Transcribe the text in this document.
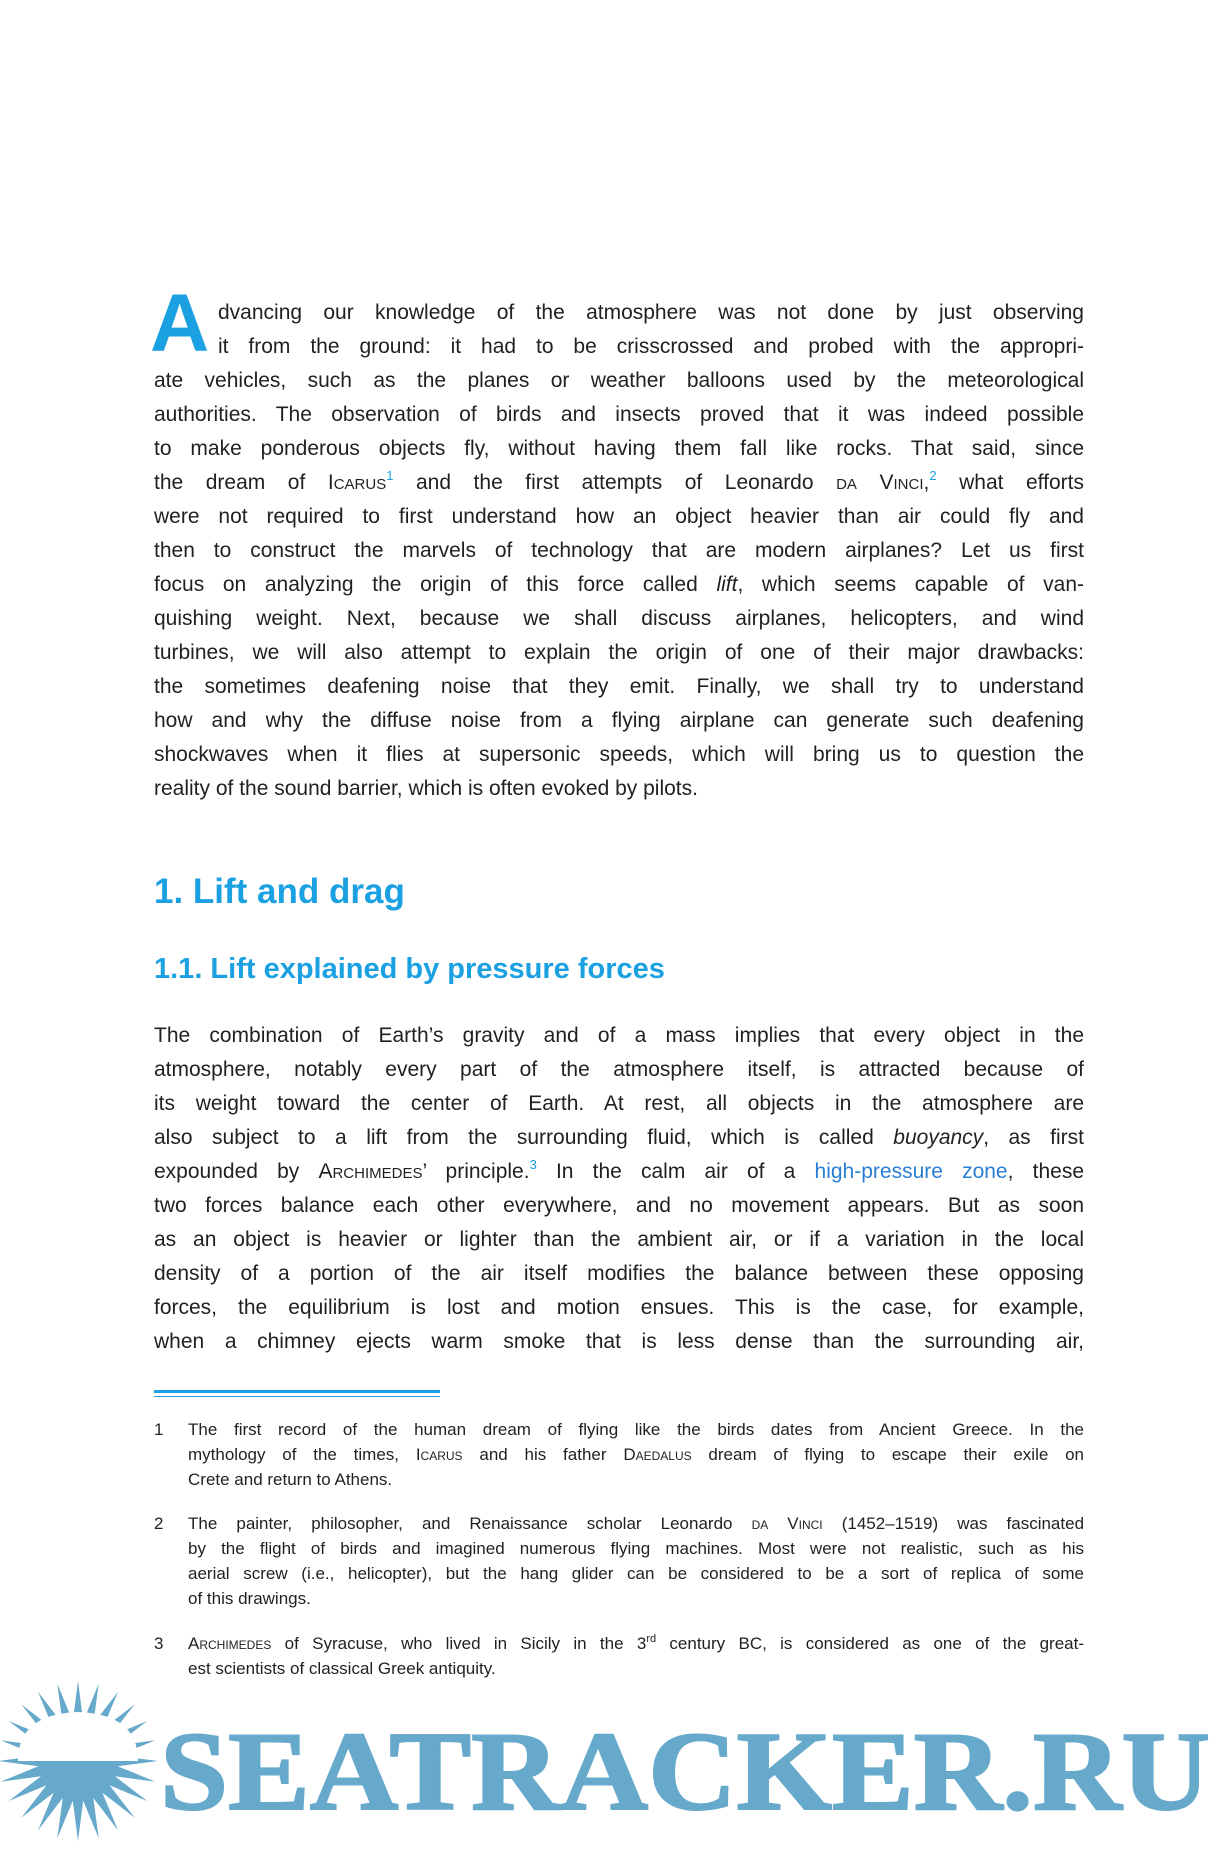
A dvancing our knowledge of the atmosphere was not done by just observing
it from the ground: it had to be crisscrossed and probed with the appropri-
ate vehicles, such as the planes or weather balloons used by the meteorological
authorities. The observation of birds and insects proved that it was indeed possible
to make ponderous objects fly, without having them fall like rocks. That said, since
the dream of Icarus$^1$ and the first attempts of Leonardo da Vinci,$^2$ what efforts
were not required to first understand how an object heavier than air could fly and
then to construct the marvels of technology that are modern airplanes? Let us first
focus on analyzing the origin of this force called lift, which seems capable of van-
quishing weight. Next, because we shall discuss airplanes, helicopters, and wind
turbines, we will also attempt to explain the origin of one of their major drawbacks:
the sometimes deafening noise that they emit. Finally, we shall try to understand
how and why the diffuse noise from a flying airplane can generate such deafening
shockwaves when it flies at supersonic speeds, which will bring us to question the
reality of the sound barrier, which is often evoked by pilots.
1. Lift and drag
1.1. Lift explained by pressure forces
The combination of Earth’s gravity and of a mass implies that every object in the
atmosphere, notably every part of the atmosphere itself, is attracted because of
its weight toward the center of Earth. At rest, all objects in the atmosphere are
also subject to a lift from the surrounding fluid, which is called buoyancy, as first
expounded by Archimedes’ principle.$^3$ In the calm air of a high-pressure zone, these
two forces balance each other everywhere, and no movement appears. But as soon
as an object is heavier or lighter than the ambient air, or if a variation in the local
density of a portion of the air itself modifies the balance between these opposing
forces, the equilibrium is lost and motion ensues. This is the case, for example,
when a chimney ejects warm smoke that is less dense than the surrounding air,
1 The first record of the human dream of flying like the birds dates from Ancient Greece. In the
mythology of the times, Icarus and his father Daedalus dream of flying to escape their exile on
Crete and return to Athens.
2 The painter, philosopher, and Renaissance scholar Leonardo da Vinci (1452–1519) was fascinated
by the flight of birds and imagined numerous flying machines. Most were not realistic, such as his
aerial screw (i.e., helicopter), but the hang glider can be considered to be a sort of replica of some
of this drawings.
3 Archimedes of Syracuse, who lived in Sicily in the 3rd century BC, is considered as one of the great-
est scientists of classical Greek antiquity.
SEATRACKER.RU
